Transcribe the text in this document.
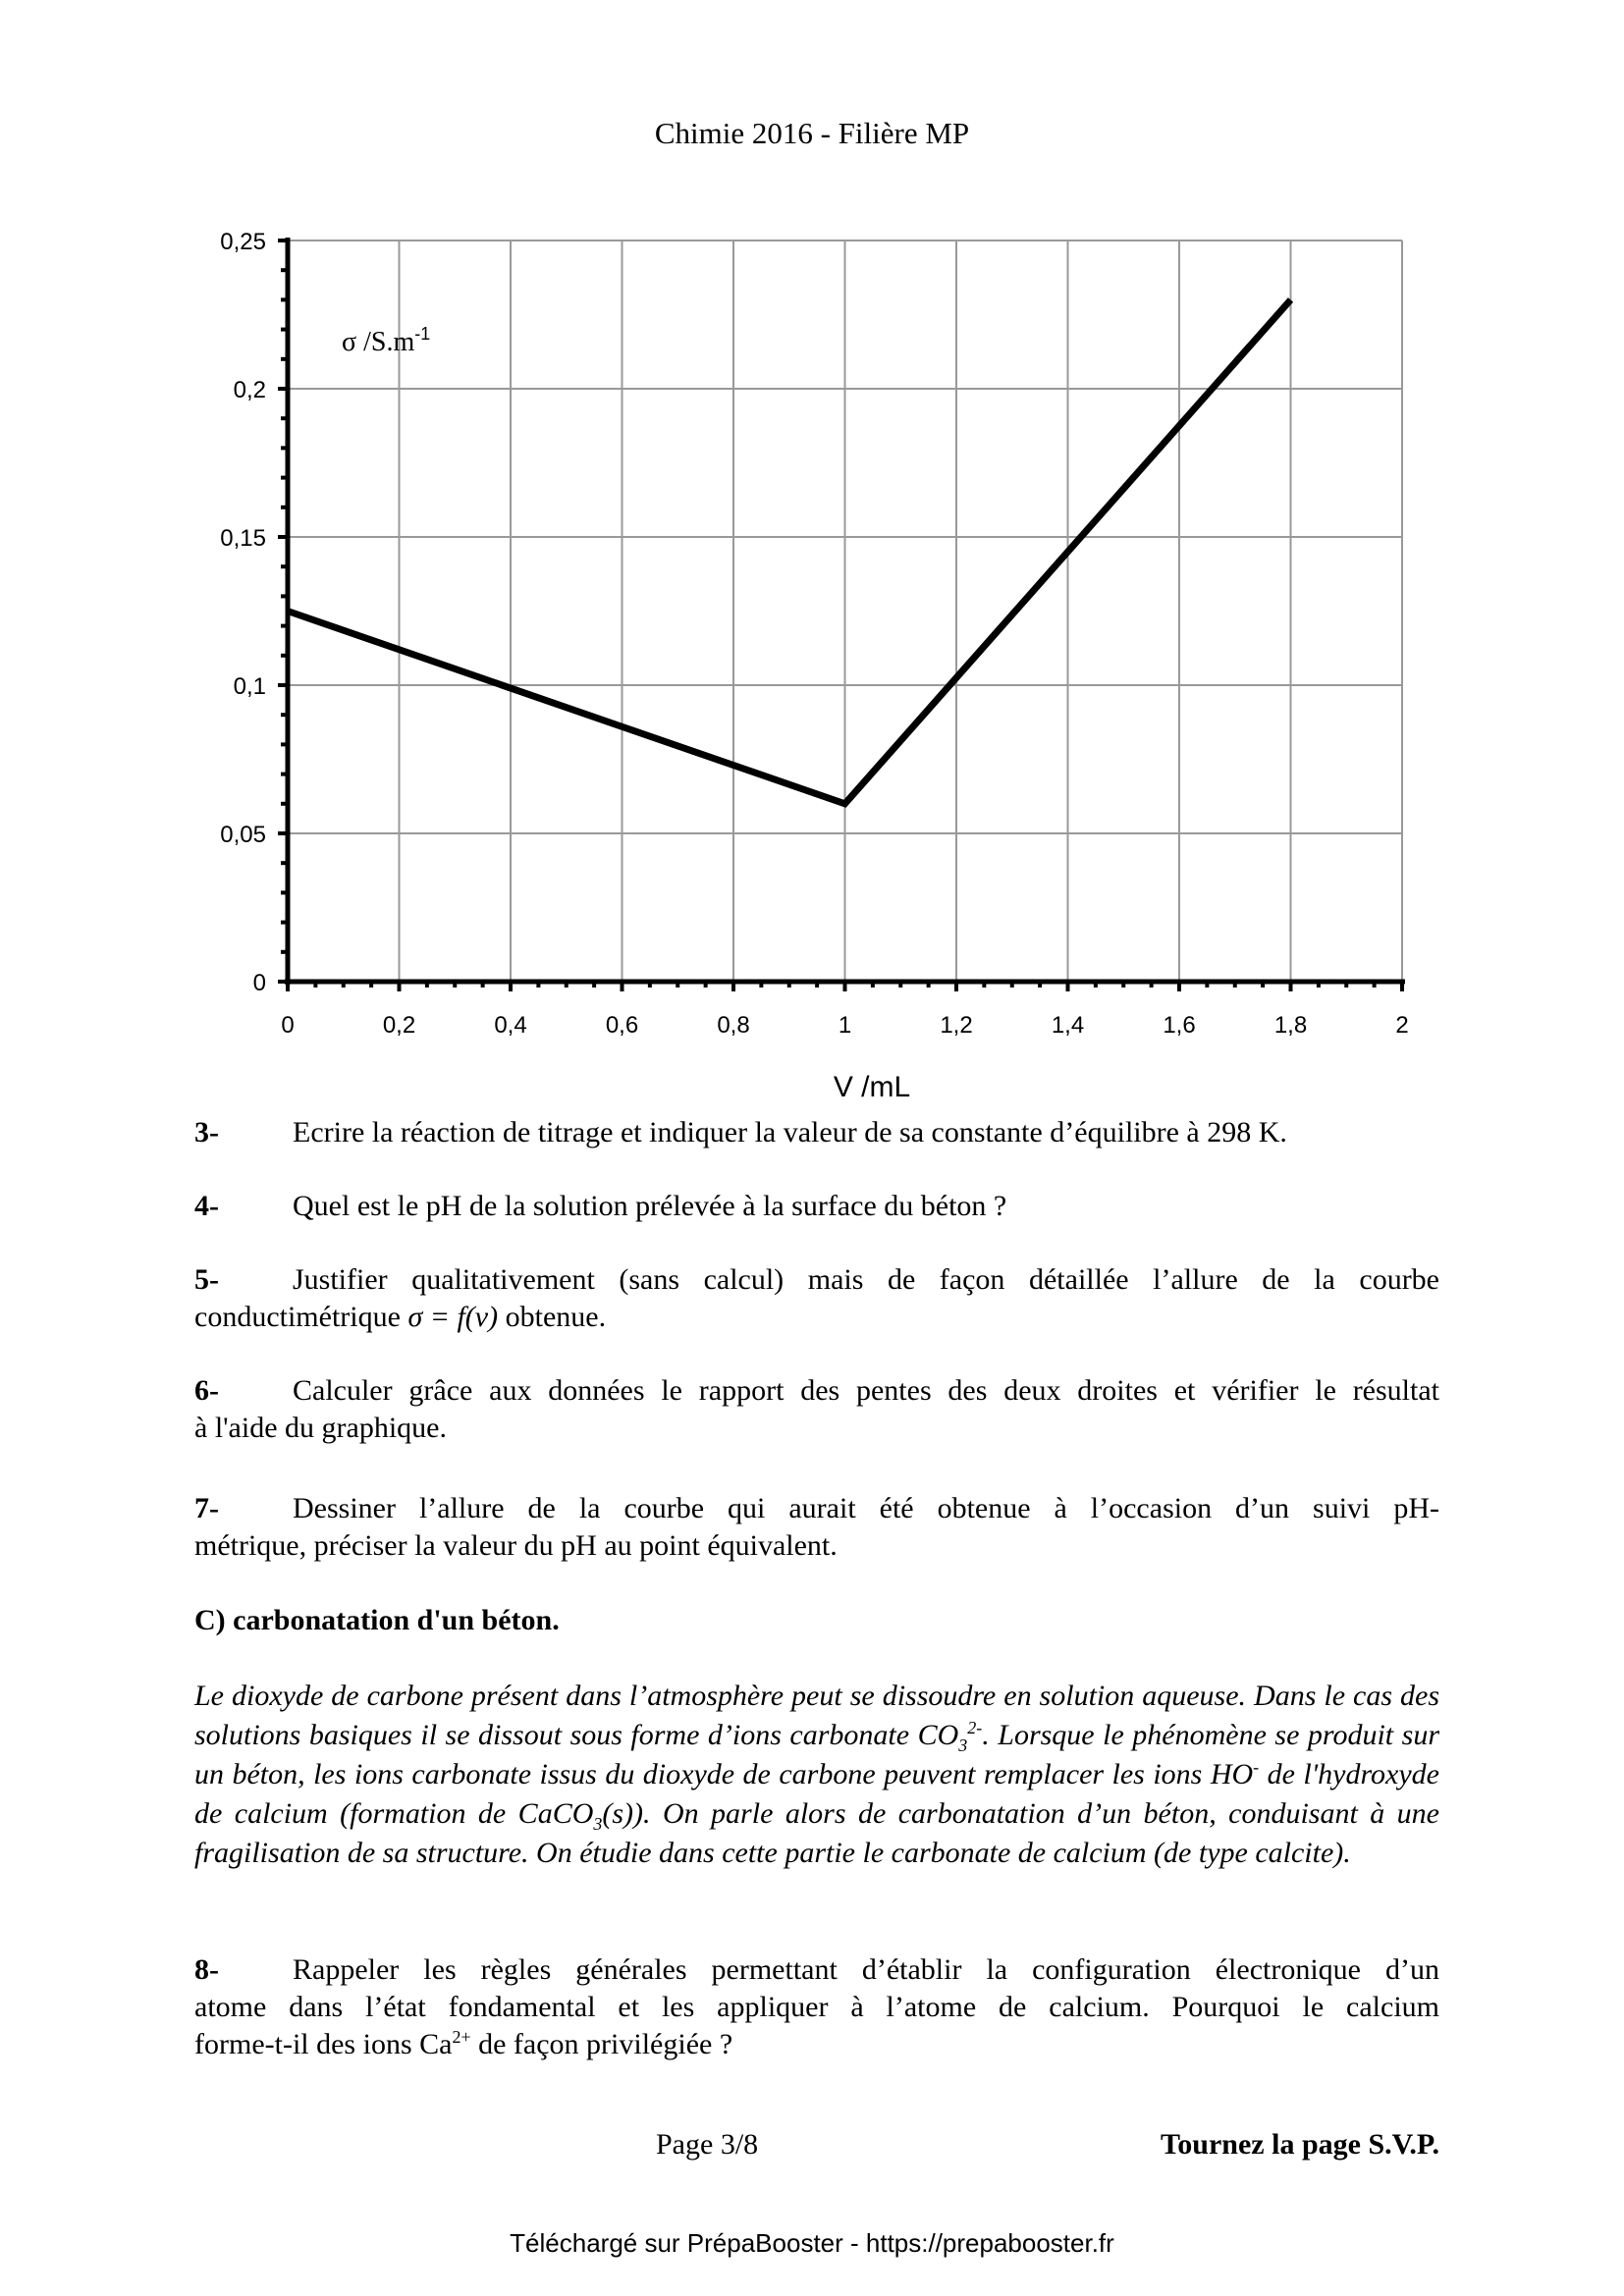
Chimie 2016 - Filière MP
0
0,05
0,1
0,15
0,2
0,25
0	0,2	0,4	0,6	0,8	1	1,2	1,4	1,6	1,8	2
σ $/S.m^{-1}$
V /mL
3-	Ecrire la réaction de titrage et indiquer la valeur de sa constante d’équilibre à 298 K.
4-	Quel est le pH de la solution prélevée à la surface du béton ?
5-	Justifier qualitativement (sans calcul) mais de façon détaillée l’allure de la courbe
conductimétrique σ = f(v) obtenue.
6-	Calculer grâce aux données le rapport des pentes des deux droites et vérifier le résultat
à l'aide du graphique.
7-	Dessiner l’allure de la courbe qui aurait été obtenue à l’occasion d’un suivi pH-
métrique, préciser la valeur du pH au point équivalent.
C) carbonatation d'un béton.
Le dioxyde de carbone présent dans l’atmosphère peut se dissoudre en solution aqueuse. Dans le cas des solutions basiques il se dissout sous forme d’ions carbonate $CO_3^{2-}$. Lorsque le phénomène se produit sur un béton, les ions carbonate issus du dioxyde de carbone peuvent remplacer les ions HO- de l'hydroxyde de calcium (formation de CaCO$_3$(s)). On parle alors de carbonatation d’un béton, conduisant à une fragilisation de sa structure. On étudie dans cette partie le carbonate de calcium (de type calcite).
8-	Rappeler les règles générales permettant d’établir la configuration électronique d’un
atome dans l’état fondamental et les appliquer à l’atome de calcium. Pourquoi le calcium
forme-t-il des ions $Ca^{2+}$ de façon privilégiée ?
Page 3/8	Tournez la page S.V.P.
Téléchargé sur PrépaBooster - https://prepabooster.fr
